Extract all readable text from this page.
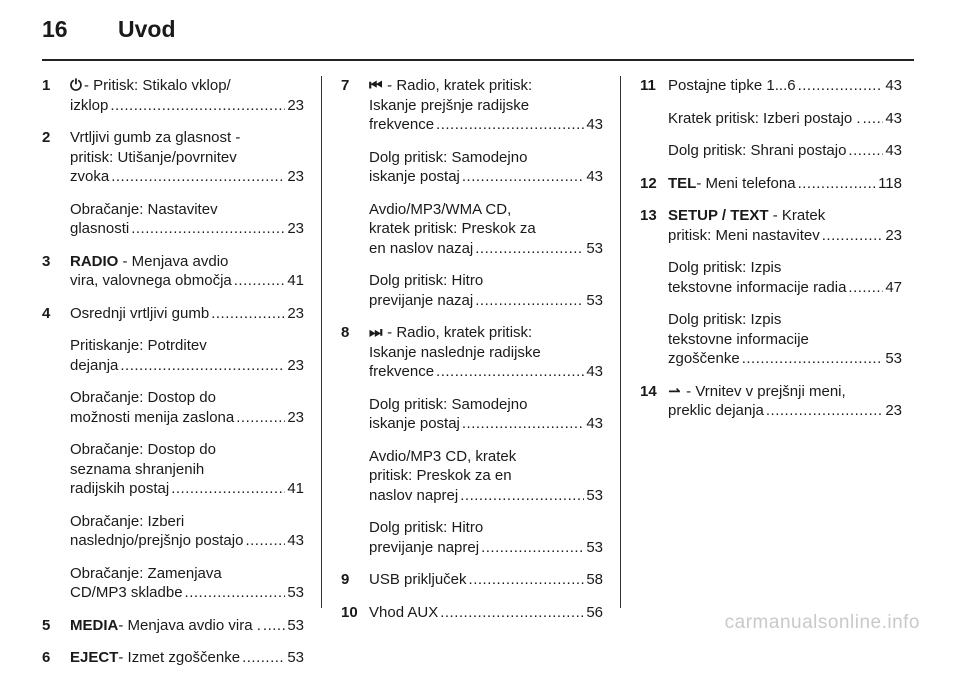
16 Uvod
1 ⏻ - Pritisk: Stikalo vklop/
izklop .....	23
2 Vrtljivi gumb za glasnost -
pritisk: Utišanje/povrnitev
zvoka .....	23
Obračanje: Nastavitev
glasnosti .....	23
3 RADIO - Menjava avdio
vira, valovnega območja .....	41
4 Osrednji vrtljivi gumb .....	23
Pritiskanje: Potrditev
dejanja .....	23
Obračanje: Dostop do
možnosti menija zaslona .....	23
Obračanje: Dostop do
seznama shranjenih
radijskih postaj .....	41
Obračanje: Izberi
naslednjo/prejšnjo postajo .....	43
Obračanje: Zamenjava
CD/MP3 skladbe .....	53
5 MEDIA - Menjava avdio vira . ..... 53
6 EJECT - Izmet zgoščenke .....	53
7 ⏮ - Radio, kratek pritisk:
Iskanje prejšnje radijske
frekvence .....	43
Dolg pritisk: Samodejno
iskanje postaj .....	43
Avdio/MP3/WMA CD,
kratek pritisk: Preskok za
en naslov nazaj .....	53
Dolg pritisk: Hitro
previjanje nazaj .....	53
8 ⏭ - Radio, kratek pritisk:
Iskanje naslednje radijske
frekvence .....	43
Dolg pritisk: Samodejno
iskanje postaj .....	43
Avdio/MP3 CD, kratek
pritisk: Preskok za en
naslov naprej .....	53
Dolg pritisk: Hitro
previjanje naprej .....	53
9 USB priključek .....	58
10 Vhod AUX .....	56
11 Postajne tipke 1...6 .....	43
Kratek pritisk: Izberi postajo . ..... 43
Dolg pritisk: Shrani postajo .....	43
12 TEL - Meni telefona .....	118
13 SETUP / TEXT - Kratek
pritisk: Meni nastavitev .....	23
Dolg pritisk: Izpis
tekstovne informacije radia .....	47
Dolg pritisk: Izpis
tekstovne informacije
zgoščenke .....	53
14 ⇀ - Vrnitev v prejšnji meni,
preklic dejanja .....	23
carmanualsonline.info
